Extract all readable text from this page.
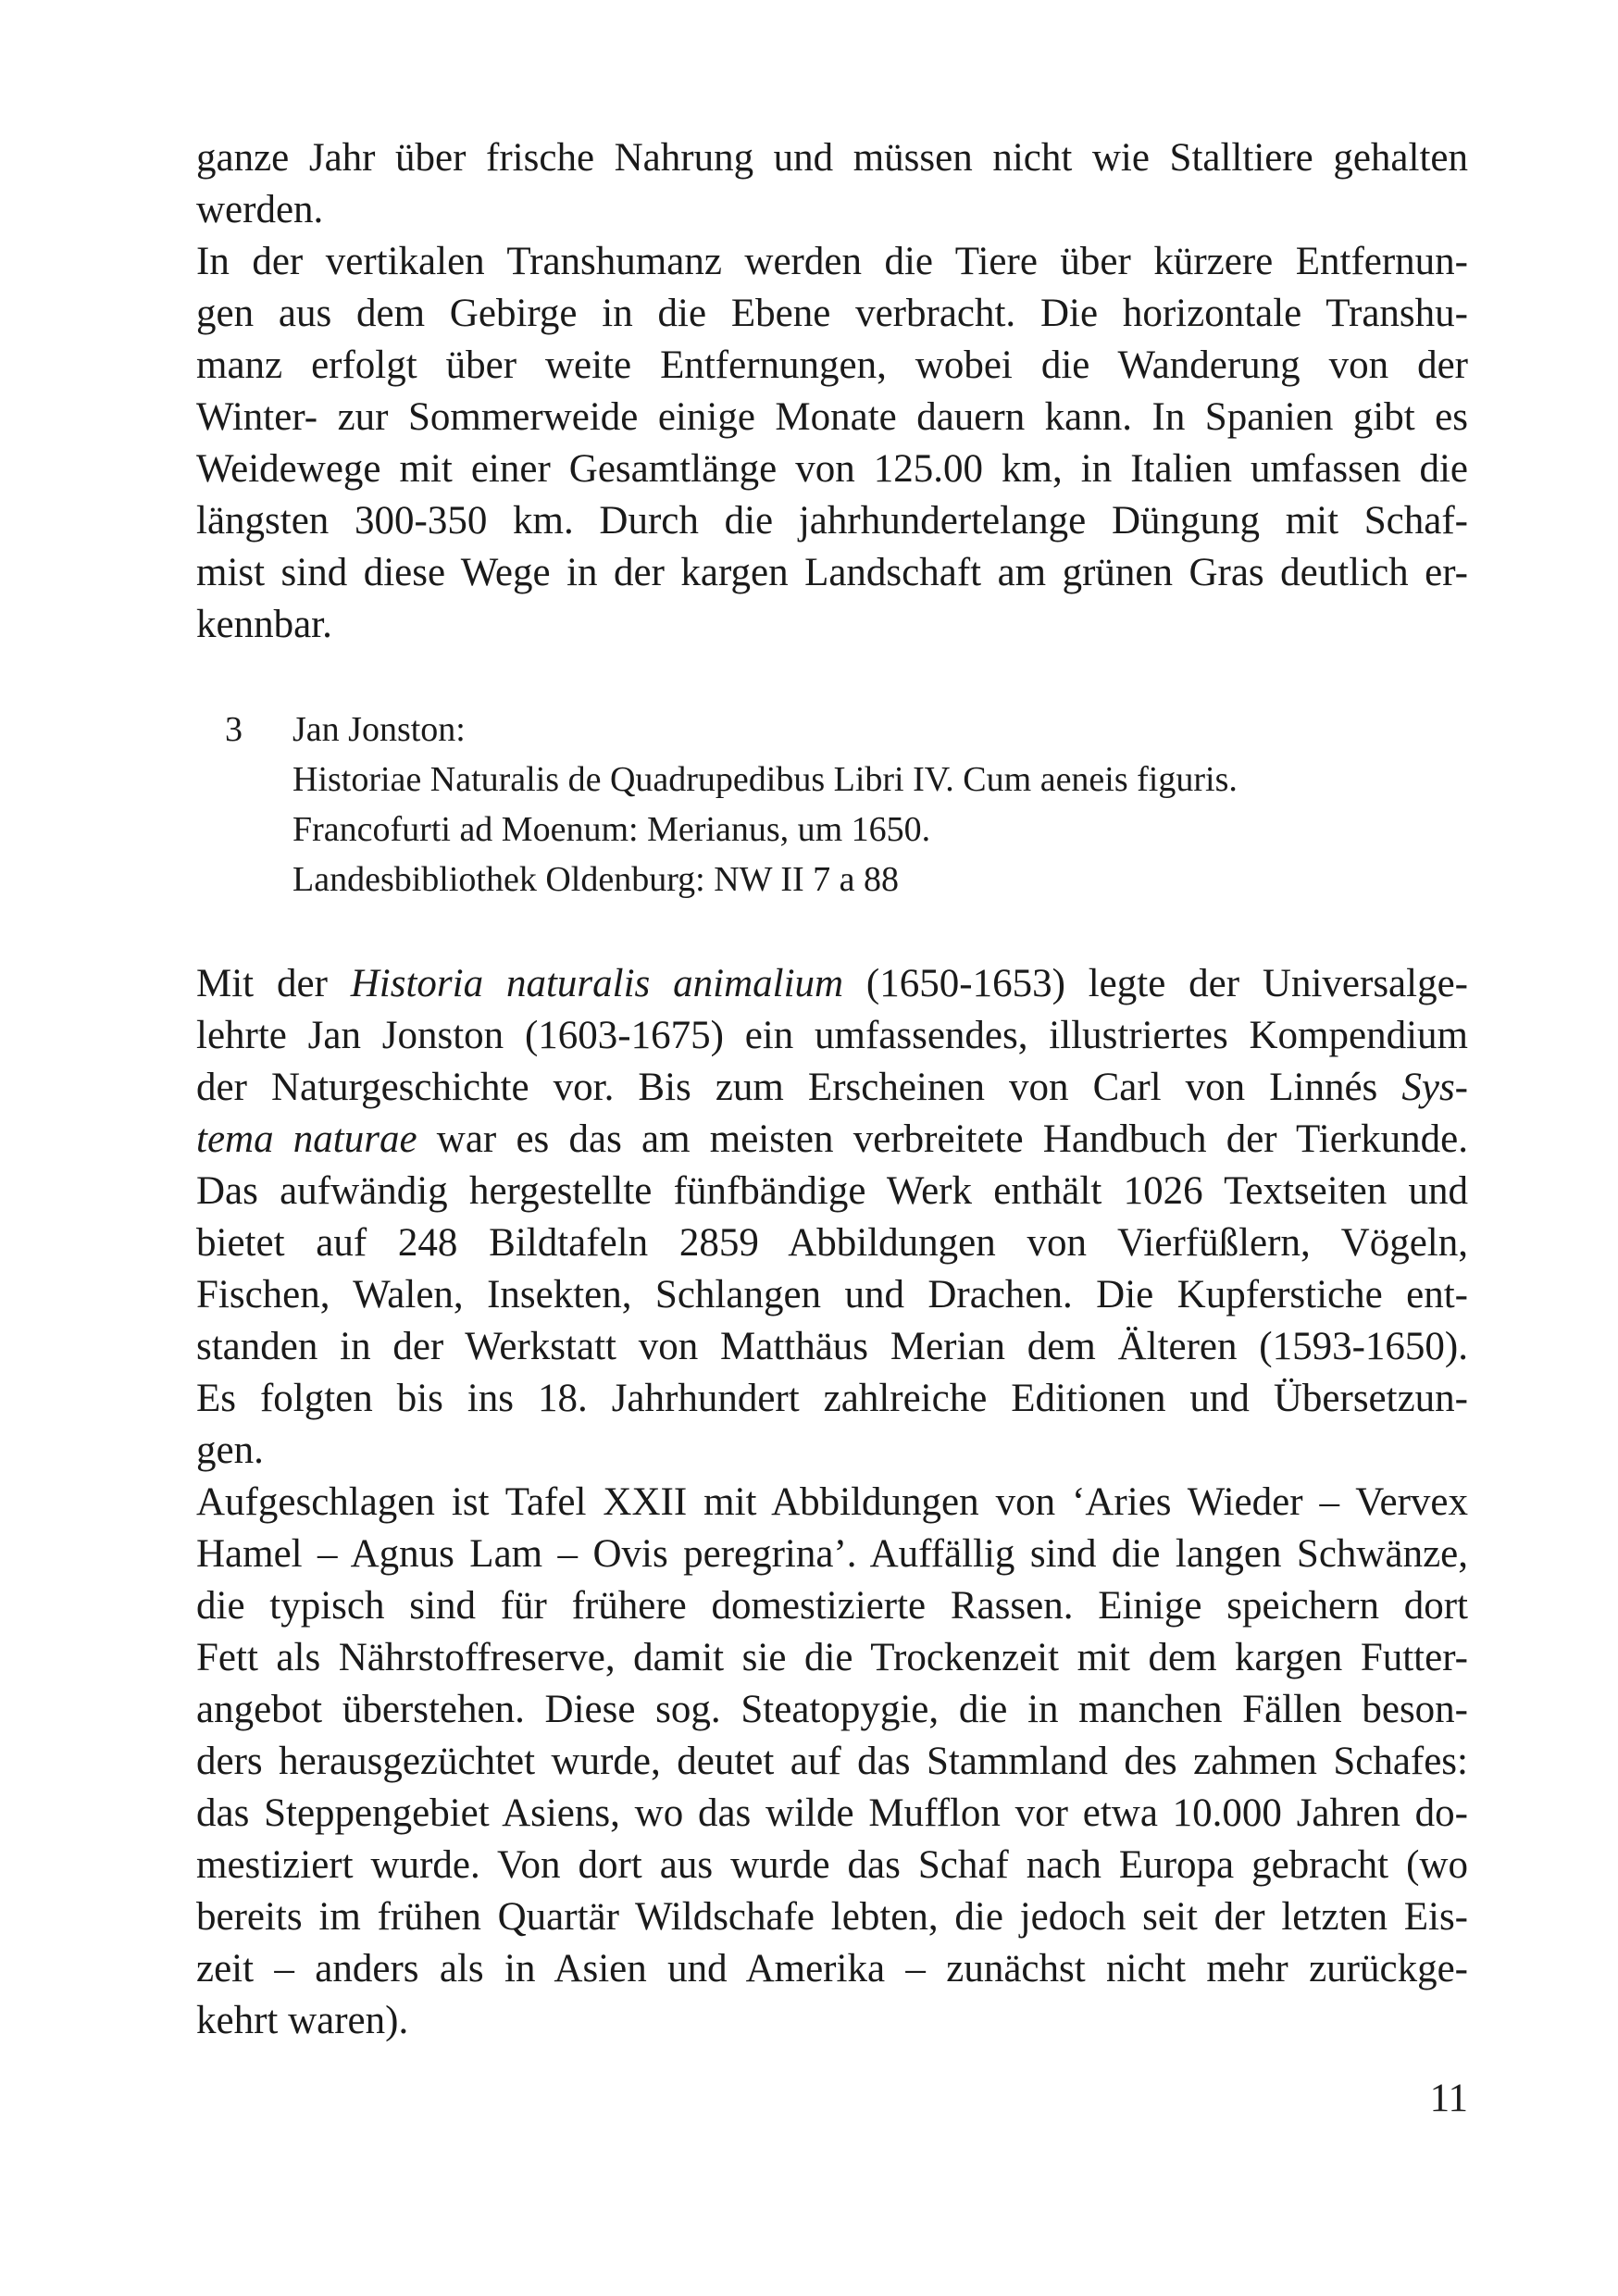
ganze Jahr über frische Nahrung und müssen nicht wie Stalltiere gehalten
werden.
In der vertikalen Transhumanz werden die Tiere über kürzere Entfernun-
gen aus dem Gebirge in die Ebene verbracht. Die horizontale Transhu-
manz erfolgt über weite Entfernungen, wobei die Wanderung von der
Winter- zur Sommerweide einige Monate dauern kann. In Spanien gibt es
Weidewege mit einer Gesamtlänge von 125.00 km, in Italien umfassen die
längsten 300-350 km. Durch die jahrhundertelange Düngung mit Schaf-
mist sind diese Wege in der kargen Landschaft am grünen Gras deutlich er-
kennbar.
3 Jan Jonston:
Historiae Naturalis de Quadrupedibus Libri IV. Cum aeneis figuris.
Francofurti ad Moenum: Merianus, um 1650.
Landesbibliothek Oldenburg: NW II 7 a 88
Mit der Historia naturalis animalium (1650-1653) legte der Universalge-
lehrte Jan Jonston (1603-1675) ein umfassendes, illustriertes Kompendium
der Naturgeschichte vor. Bis zum Erscheinen von Carl von Linnés Sys-
tema naturae war es das am meisten verbreitete Handbuch der Tierkunde.
Das aufwändig hergestellte fünfbändige Werk enthält 1026 Textseiten und
bietet auf 248 Bildtafeln 2859 Abbildungen von Vierfüßlern, Vögeln,
Fischen, Walen, Insekten, Schlangen und Drachen. Die Kupferstiche ent-
standen in der Werkstatt von Matthäus Merian dem Älteren (1593-1650).
Es folgten bis ins 18. Jahrhundert zahlreiche Editionen und Übersetzun-
gen.
Aufgeschlagen ist Tafel XXII mit Abbildungen von ‘Aries Wieder – Vervex
Hamel – Agnus Lam – Ovis peregrina’. Auffällig sind die langen Schwänze,
die typisch sind für frühere domestizierte Rassen. Einige speichern dort
Fett als Nährstoffreserve, damit sie die Trockenzeit mit dem kargen Futter-
angebot überstehen. Diese sog. Steatopygie, die in manchen Fällen beson-
ders herausgezüchtet wurde, deutet auf das Stammland des zahmen Schafes:
das Steppengebiet Asiens, wo das wilde Mufflon vor etwa 10.000 Jahren do-
mestiziert wurde. Von dort aus wurde das Schaf nach Europa gebracht (wo
bereits im frühen Quartär Wildschafe lebten, die jedoch seit der letzten Eis-
zeit – anders als in Asien und Amerika – zunächst nicht mehr zurückge-
kehrt waren).
11
